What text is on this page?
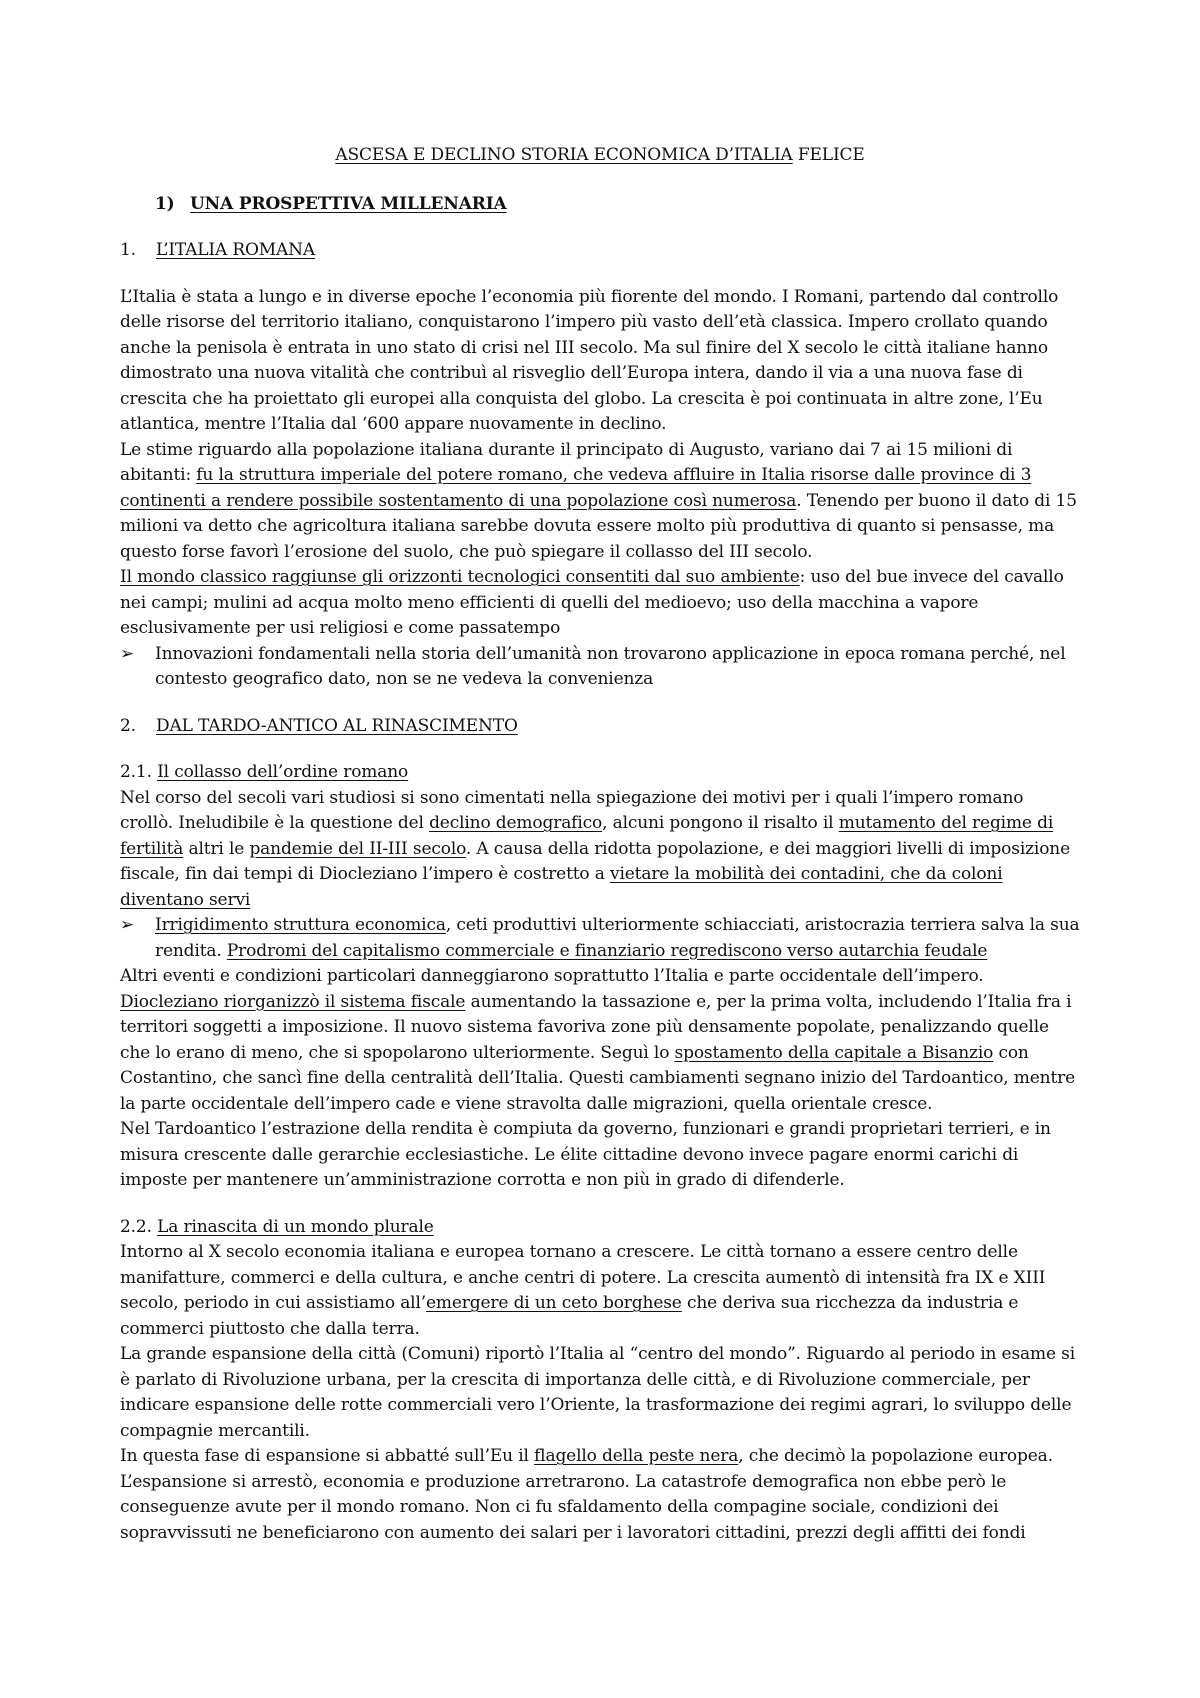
ASCESA E DECLINO STORIA ECONOMICA D’ITALIA FELICE

1) UNA PROSPETTIVA MILLENARIA

1. L’ITALIA ROMANA

L’Italia è stata a lungo e in diverse epoche l’economia più fiorente del mondo. I Romani, partendo dal controllo delle risorse del territorio italiano, conquistarono l’impero più vasto dell’età classica. Impero crollato quando anche la penisola è entrata in uno stato di crisi nel III secolo. Ma sul finire del X secolo le città italiane hanno dimostrato una nuova vitalità che contribuì al risveglio dell’Europa intera, dando il via a una nuova fase di crescita che ha proiettato gli europei alla conquista del globo. La crescita è poi continuata in altre zone, l’Eu atlantica, mentre l’Italia dal ‘600 appare nuovamente in declino.

Le stime riguardo alla popolazione italiana durante il principato di Augusto, variano dai 7 ai 15 milioni di abitanti: fu la struttura imperiale del potere romano, che vedeva affluire in Italia risorse dalle province di 3 continenti a rendere possibile sostentamento di una popolazione così numerosa. Tenendo per buono il dato di 15 milioni va detto che agricoltura italiana sarebbe dovuta essere molto più produttiva di quanto si pensasse, ma questo forse favorì l’erosione del suolo, che può spiegare il collasso del III secolo.

Il mondo classico raggiunse gli orizzonti tecnologici consentiti dal suo ambiente: uso del bue invece del cavallo nei campi; mulini ad acqua molto meno efficienti di quelli del medioevo; uso della macchina a vapore esclusivamente per usi religiosi e come passatempo

➢ Innovazioni fondamentali nella storia dell’umanità non trovarono applicazione in epoca romana perché, nel contesto geografico dato, non se ne vedeva la convenienza

2. DAL TARDO-ANTICO AL RINASCIMENTO

2.1. Il collasso dell’ordine romano

Nel corso del secoli vari studiosi si sono cimentati nella spiegazione dei motivi per i quali l’impero romano crollò. Ineludibile è la questione del declino demografico, alcuni pongono il risalto il mutamento del regime di fertilità altri le pandemie del II-III secolo. A causa della ridotta popolazione, e dei maggiori livelli di imposizione fiscale, fin dai tempi di Diocleziano l’impero è costretto a vietare la mobilità dei contadini, che da coloni diventano servi

➢ Irrigidimento struttura economica, ceti produttivi ulteriormente schiacciati, aristocrazia terriera salva la sua rendita. Prodromi del capitalismo commerciale e finanziario regrediscono verso autarchia feudale

Altri eventi e condizioni particolari danneggiarono soprattutto l’Italia e parte occidentale dell’impero.

Diocleziano riorganizzò il sistema fiscale aumentando la tassazione e, per la prima volta, includendo l’Italia fra i territori soggetti a imposizione. Il nuovo sistema favoriva zone più densamente popolate, penalizzando quelle che lo erano di meno, che si spopolarono ulteriormente. Seguì lo spostamento della capitale a Bisanzio con Costantino, che sancì fine della centralità dell’Italia. Questi cambiamenti segnano inizio del Tardoantico, mentre la parte occidentale dell’impero cade e viene stravolta dalle migrazioni, quella orientale cresce.

Nel Tardoantico l’estrazione della rendita è compiuta da governo, funzionari e grandi proprietari terrieri, e in misura crescente dalle gerarchie ecclesiastiche. Le élite cittadine devono invece pagare enormi carichi di imposte per mantenere un’amministrazione corrotta e non più in grado di difenderle.

2.2. La rinascita di un mondo plurale

Intorno al X secolo economia italiana e europea tornano a crescere. Le città tornano a essere centro delle manifatture, commerci e della cultura, e anche centri di potere. La crescita aumentò di intensità fra IX e XIII secolo, periodo in cui assistiamo all’emergere di un ceto borghese che deriva sua ricchezza da industria e commerci piuttosto che dalla terra.

La grande espansione della città (Comuni) riportò l’Italia al “centro del mondo”. Riguardo al periodo in esame si è parlato di Rivoluzione urbana, per la crescita di importanza delle città, e di Rivoluzione commerciale, per indicare espansione delle rotte commerciali vero l’Oriente, la trasformazione dei regimi agrari, lo sviluppo delle compagnie mercantili.

In questa fase di espansione si abbatté sull’Eu il flagello della peste nera, che decimò la popolazione europea. L’espansione si arrestò, economia e produzione arretrarono. La catastrofe demografica non ebbe però le conseguenze avute per il mondo romano. Non ci fu sfaldamento della compagine sociale, condizioni dei sopravvissuti ne beneficiarono con aumento dei salari per i lavoratori cittadini, prezzi degli affitti dei fondi
